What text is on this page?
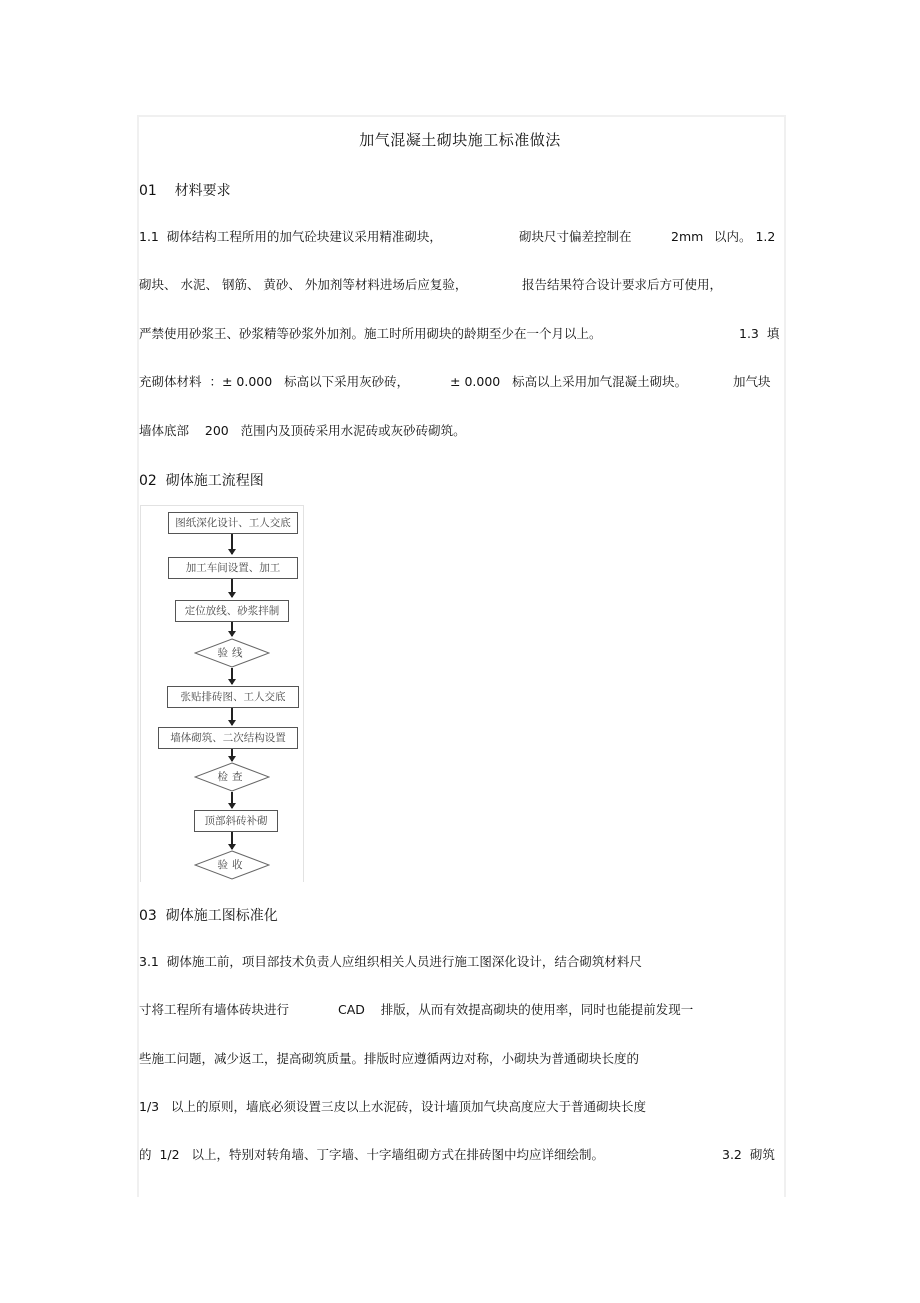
加气混凝土砌块施工标准做法
01    材料要求
1.1  砌体结构工程所用的加气砼块建议采用精准砌块，	砌块尺寸偏差控制在	2mm 以内。 1.2
砌块、 水泥、 钢筋、 黄砂、 外加剂等材料进场后应复验，	报告结果符合设计要求后方可使用，
严禁使用砂浆王、砂浆精等砂浆外加剂。施工时所用砌块的龄期至少在一个月以上。	1.3  填
充砌体材料  ：± 0.000   标高以下采用灰砂砖，	± 0.000   标高以上采用加气混凝土砌块。	加气块
墙体底部    200   范围内及顶砖采用水泥砖或灰砂砖砌筑。
02  砌体施工流程图
图纸深化设计、工人交底
加工车间设置、加工
定位放线、砂浆拌制
验线
张贴排砖图、工人交底
墙体砌筑、二次结构设置
检查
顶部斜砖补砌
验收
03  砌体施工图标准化
3.1  砌体施工前，项目部技术负责人应组织相关人员进行施工图深化设计，结合砌筑材料尺
寸将工程所有墙体砖块进行	CAD    排版，从而有效提高砌块的使用率，同时也能提前发现一
些施工问题，减少返工，提高砌筑质量。排版时应遵循两边对称，小砌块为普通砌块长度的
1/3   以上的原则，墙底必须设置三皮以上水泥砖，设计墙顶加气块高度应大于普通砌块长度
的  1/2   以上，特别对转角墙、丁字墙、十字墙组砌方式在排砖图中均应详细绘制。	3.2  砌筑
